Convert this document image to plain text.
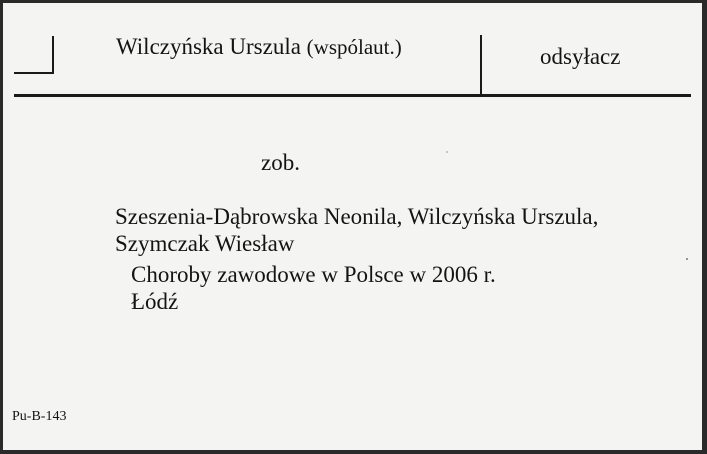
Wilczyńska Urszula (wspólaut.)	odsyłacz
zob.
Szeszenia-Dąbrowska Neonila, Wilczyńska Urszula,
Szymczak Wiesław
Choroby zawodowe w Polsce w 2006 r.
Łódź
Pu-B-143
